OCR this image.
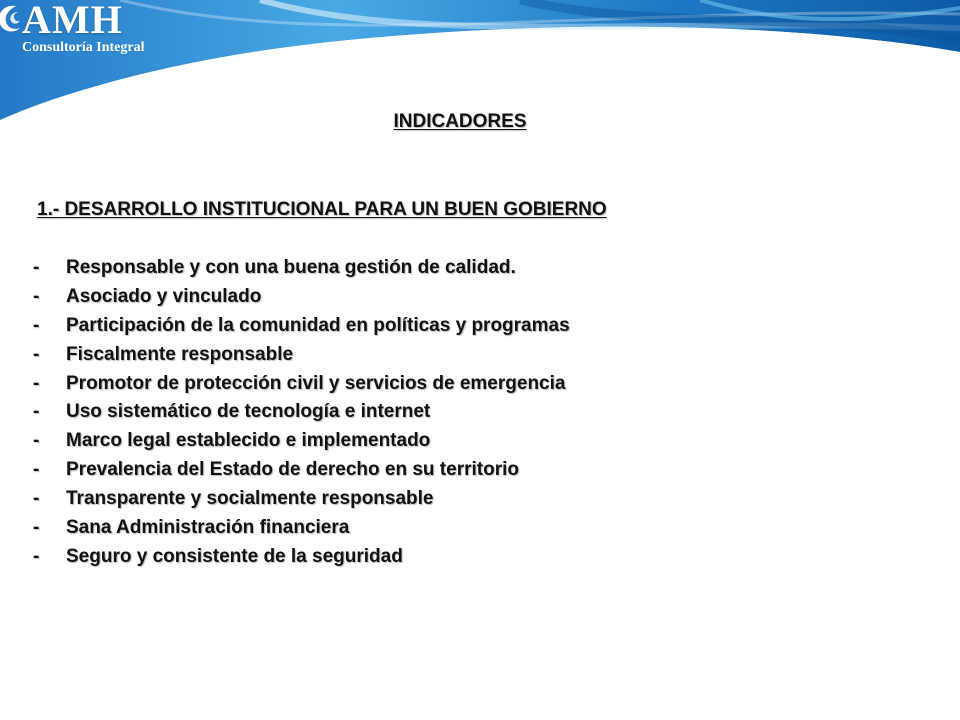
AMH
Consultoría Integral
INDICADORES
1.- DESARROLLO INSTITUCIONAL PARA UN BUEN GOBIERNO
- Responsable y con una buena gestión de calidad.
- Asociado y vinculado
- Participación de la comunidad en políticas y programas
- Fiscalmente responsable
- Promotor de protección civil y servicios de emergencia
- Uso sistemático de tecnología e internet
- Marco legal establecido e implementado
- Prevalencia del Estado de derecho en su territorio
- Transparente y socialmente responsable
- Sana Administración financiera
- Seguro y consistente de la seguridad
